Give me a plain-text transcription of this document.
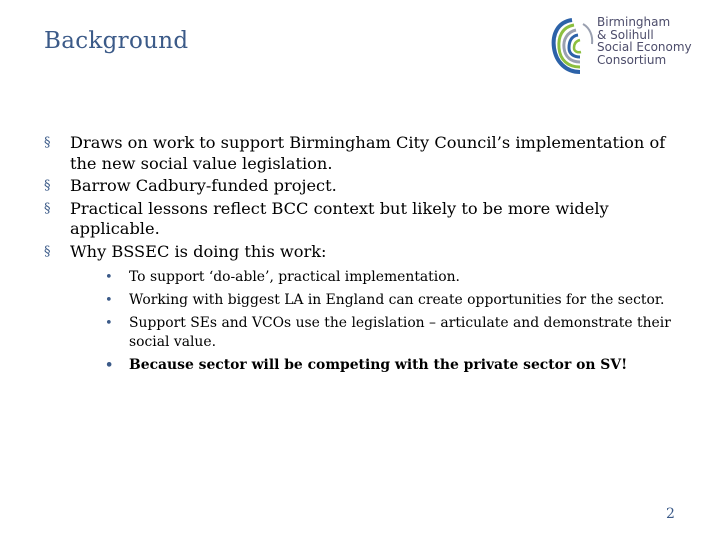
Background
Birmingham
& Solihull
Social Economy
Consortium
§ Draws on work to support Birmingham City Council’s implementation of the new social value legislation.
§ Barrow Cadbury-funded project.
§ Practical lessons reflect BCC context but likely to be more widely applicable.
§ Why BSSEC is doing this work:
• To support ‘do-able’, practical implementation.
• Working with biggest LA in England can create opportunities for the sector.
• Support SEs and VCOs use the legislation – articulate and demonstrate their social value.
• Because sector will be competing with the private sector on SV!
2
